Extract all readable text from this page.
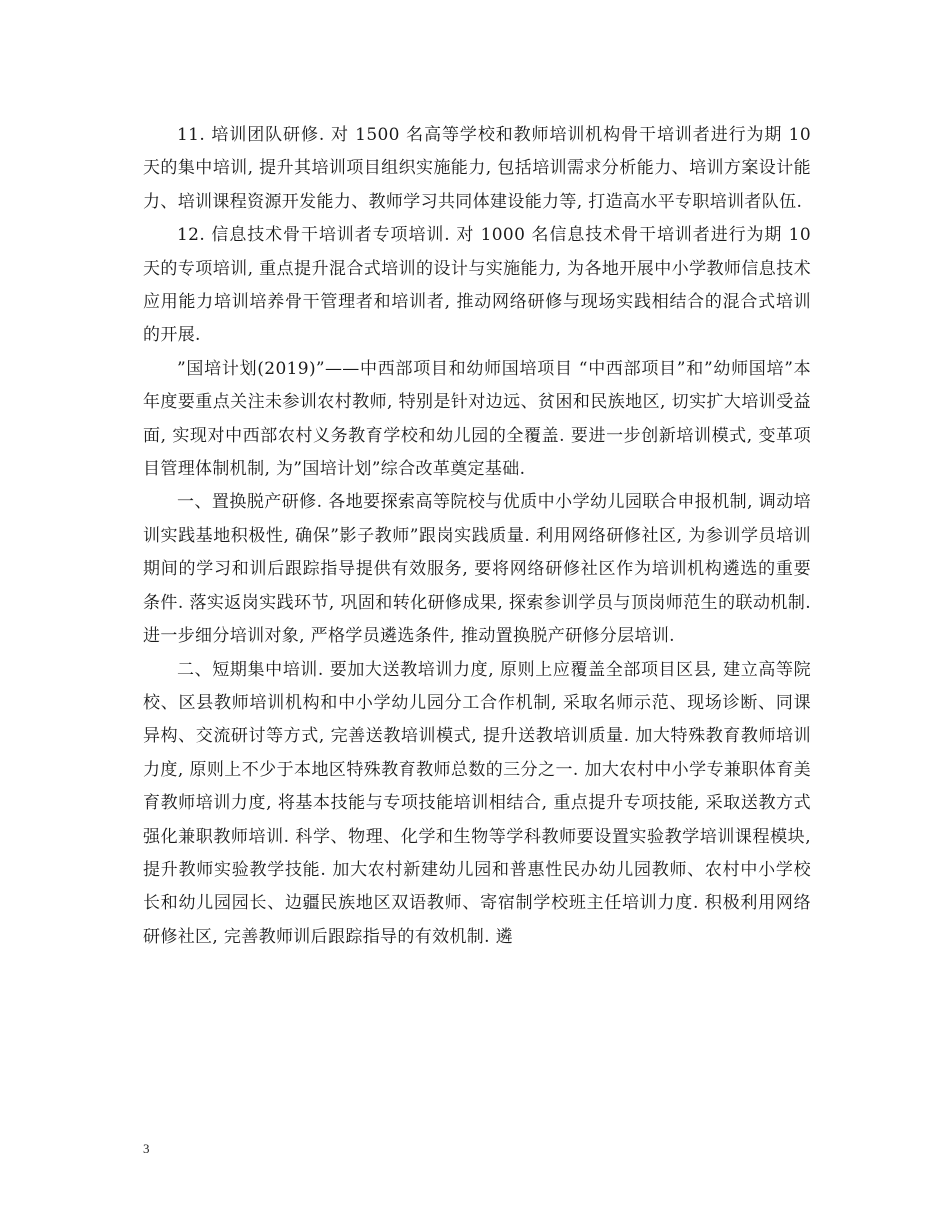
11. 培训团队研修. 对 1500 名高等学校和教师培训机构骨干培训者进行为期 10 天的集中培训, 提升其培训项目组织实施能力, 包括培训需求分析能力、培训方案设计能力、培训课程资源开发能力、教师学习共同体建设能力等, 打造高水平专职培训者队伍.

12. 信息技术骨干培训者专项培训. 对 1000 名信息技术骨干培训者进行为期 10 天的专项培训, 重点提升混合式培训的设计与实施能力, 为各地开展中小学教师信息技术应用能力培训培养骨干管理者和培训者, 推动网络研修与现场实践相结合的混合式培训的开展.

”国培计划(2019)”——中西部项目和幼师国培项目 “中西部项目”和”幼师国培”本年度要重点关注未参训农村教师, 特别是针对边远、贫困和民族地区, 切实扩大培训受益面, 实现对中西部农村义务教育学校和幼儿园的全覆盖. 要进一步创新培训模式, 变革项目管理体制机制, 为”国培计划”综合改革奠定基础.

一、置换脱产研修. 各地要探索高等院校与优质中小学幼儿园联合申报机制, 调动培训实践基地积极性, 确保”影子教师”跟岗实践质量. 利用网络研修社区, 为参训学员培训期间的学习和训后跟踪指导提供有效服务, 要将网络研修社区作为培训机构遴选的重要条件. 落实返岗实践环节, 巩固和转化研修成果, 探索参训学员与顶岗师范生的联动机制. 进一步细分培训对象, 严格学员遴选条件, 推动置换脱产研修分层培训.

二、短期集中培训. 要加大送教培训力度, 原则上应覆盖全部项目区县, 建立高等院校、区县教师培训机构和中小学幼儿园分工合作机制, 采取名师示范、现场诊断、同课异构、交流研讨等方式, 完善送教培训模式, 提升送教培训质量. 加大特殊教育教师培训力度, 原则上不少于本地区特殊教育教师总数的三分之一. 加大农村中小学专兼职体育美育教师培训力度, 将基本技能与专项技能培训相结合, 重点提升专项技能, 采取送教方式强化兼职教师培训. 科学、物理、化学和生物等学科教师要设置实验教学培训课程模块, 提升教师实验教学技能. 加大农村新建幼儿园和普惠性民办幼儿园教师、农村中小学校长和幼儿园园长、边疆民族地区双语教师、寄宿制学校班主任培训力度. 积极利用网络研修社区, 完善教师训后跟踪指导的有效机制. 遴

3
